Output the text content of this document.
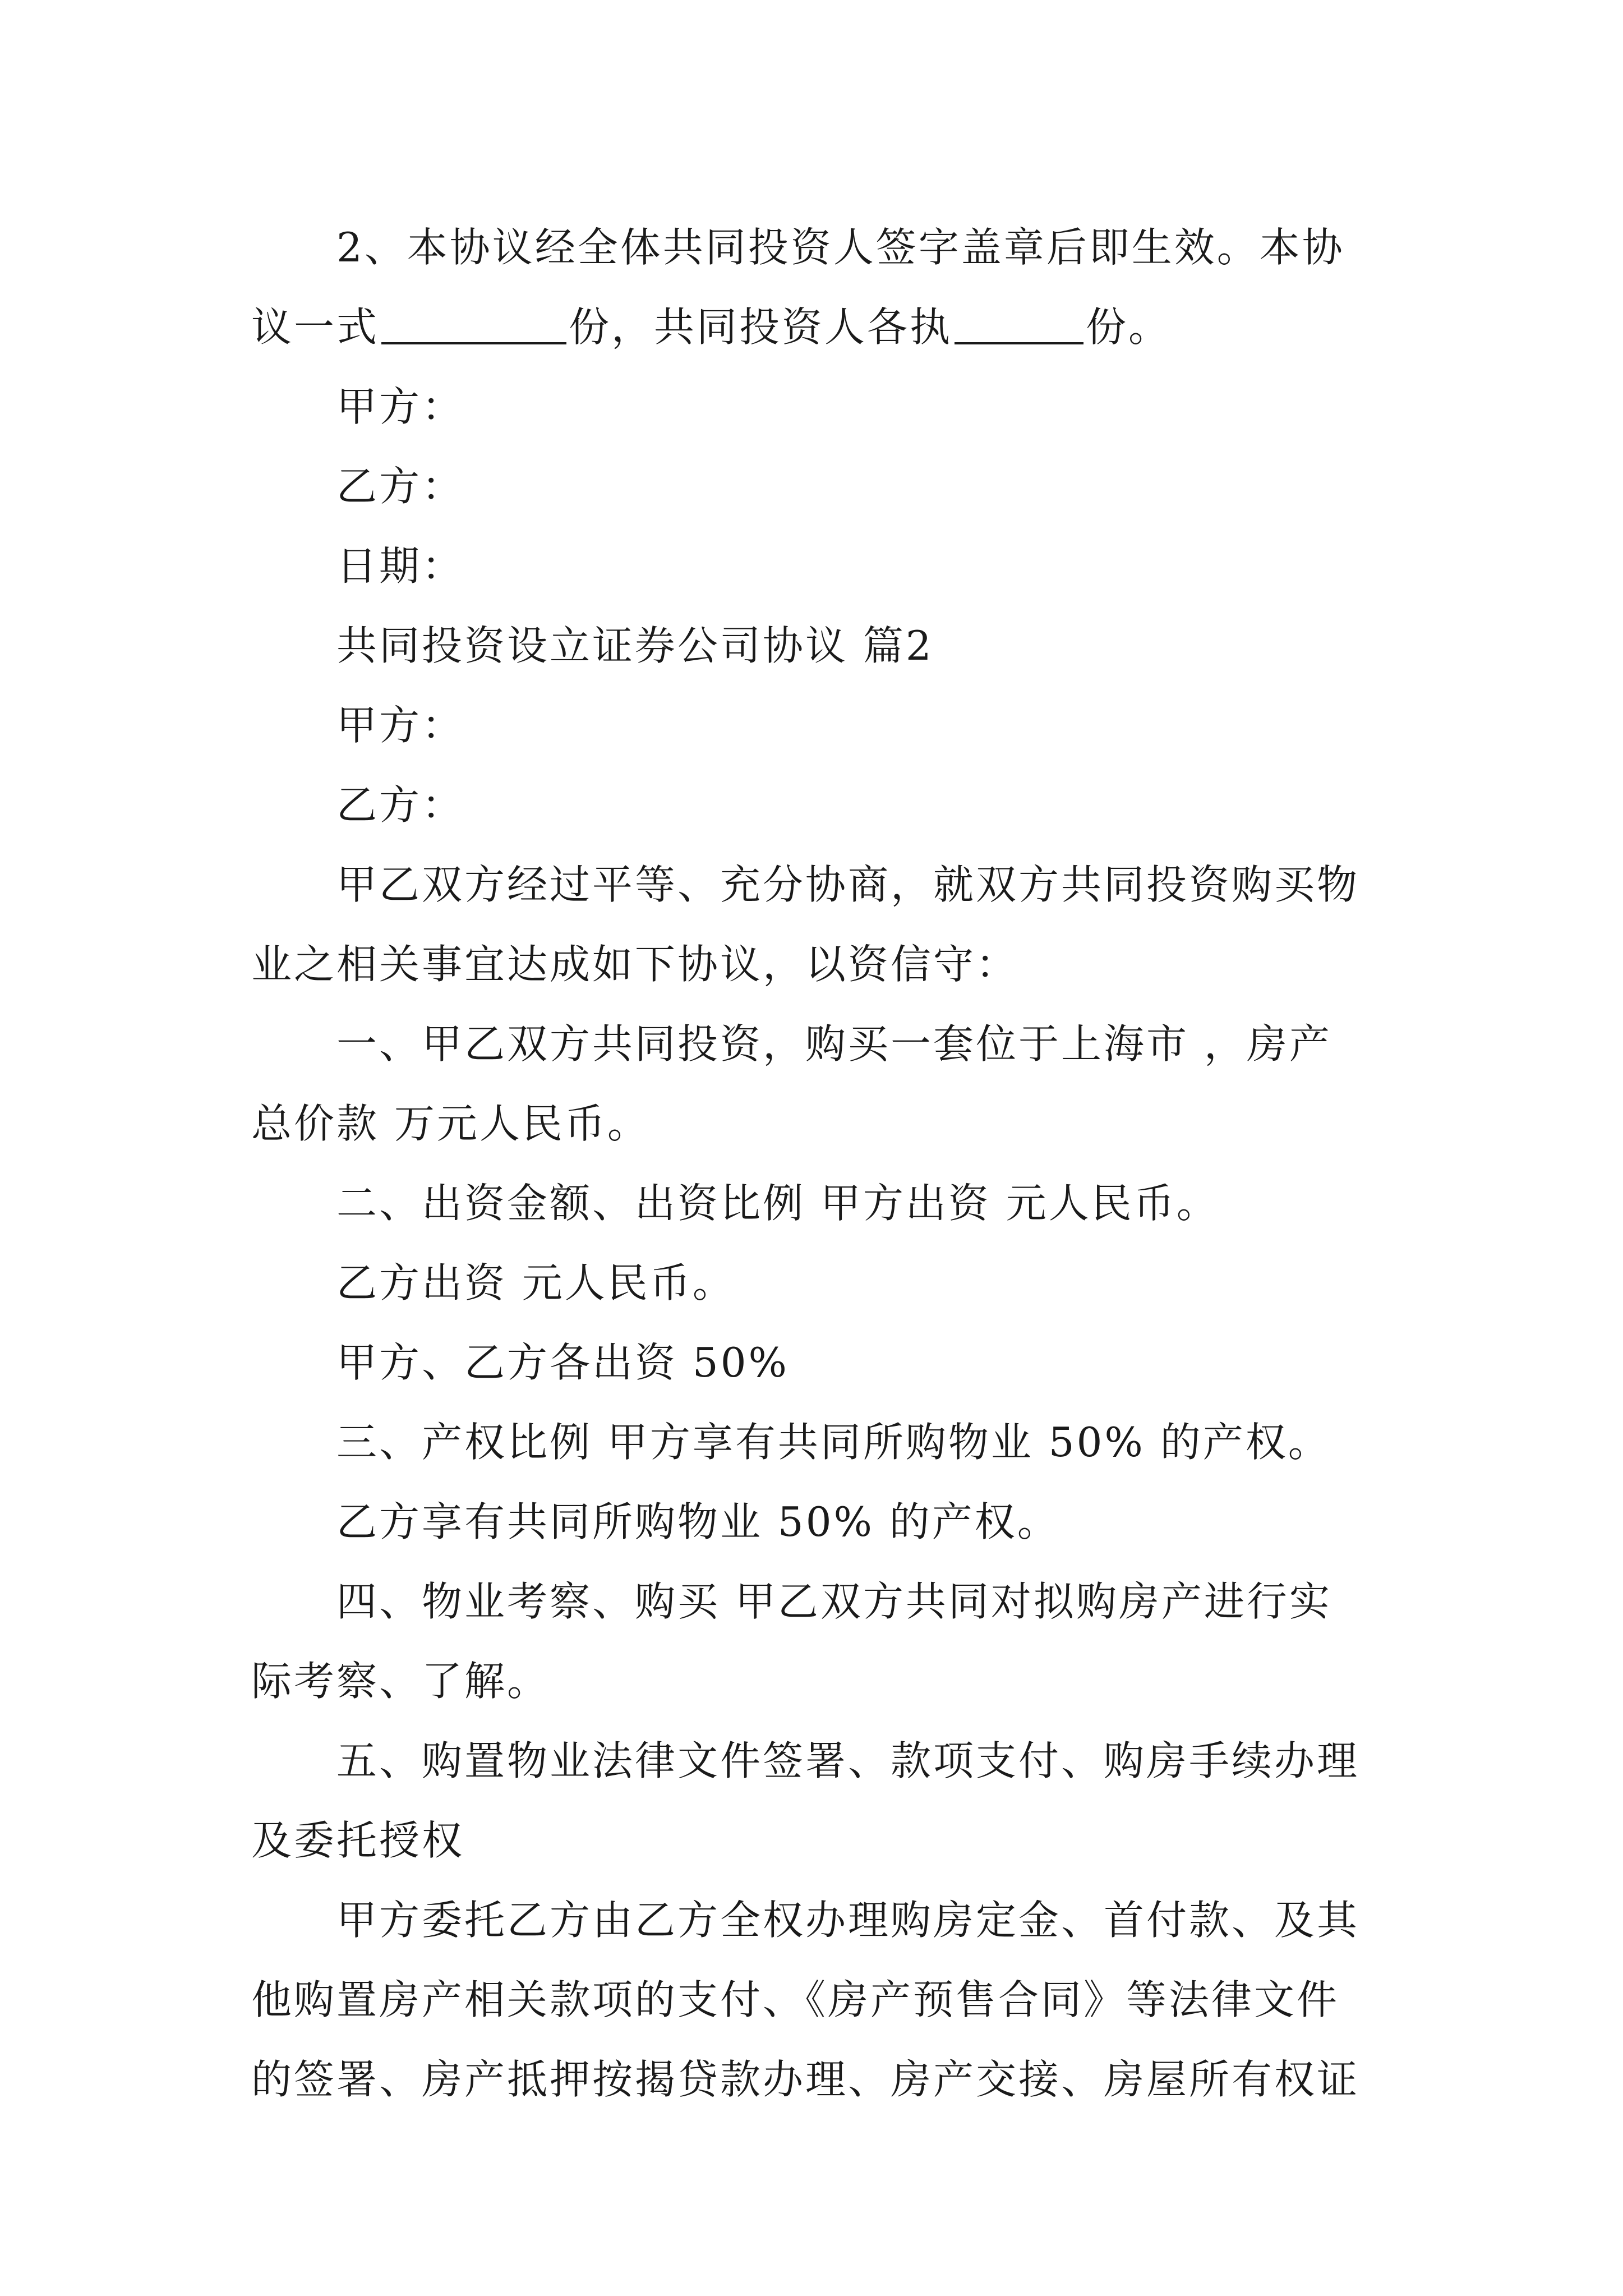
2、本协议经全体共同投资人签字盖章后即生效。本协
议一式	份，共同投资人各执	份。
甲方：
乙方：
日期：
共同投资设立证券公司协议 篇2
甲方：
乙方：
甲乙双方经过平等、充分协商，就双方共同投资购买物
业之相关事宜达成如下协议，以资信守：
一、甲乙双方共同投资，购买一套位于上海市 ，房产
总价款 万元人民币。
二、出资金额、出资比例 甲方出资 元人民币。
乙方出资 元人民币。
甲方、乙方各出资 50%
三、产权比例 甲方享有共同所购物业 50% 的产权。
乙方享有共同所购物业 50% 的产权。
四、物业考察、购买 甲乙双方共同对拟购房产进行实
际考察、了解。
五、购置物业法律文件签署、款项支付、购房手续办理
及委托授权
甲方委托乙方由乙方全权办理购房定金、首付款、及其
他购置房产相关款项的支付、《房产预售合同》等法律文件
的签署、房产抵押按揭贷款办理、房产交接、房屋所有权证
